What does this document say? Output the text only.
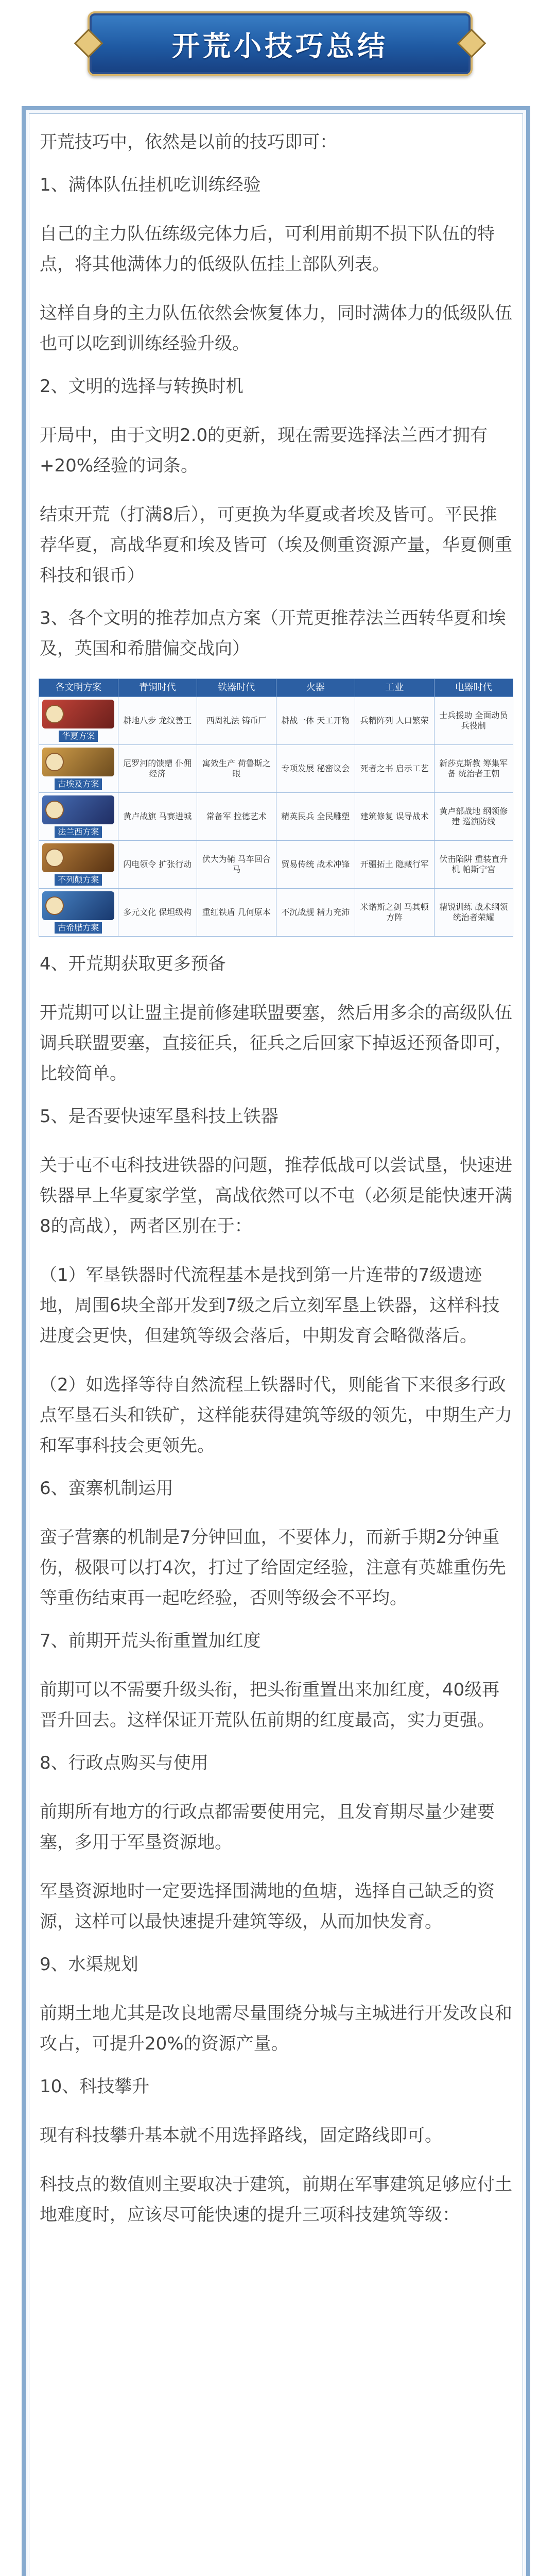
开荒小技巧总结

开荒技巧中，依然是以前的技巧即可：

1、满体队伍挂机吃训练经验

自己的主力队伍练级完体力后，可利用前期不损下队伍的特点，将其他满体力的低级队伍挂上部队列表。

这样自身的主力队伍依然会恢复体力，同时满体力的低级队伍也可以吃到训练经验升级。

2、文明的选择与转换时机

开局中，由于文明2.0的更新，现在需要选择法兰西才拥有+20%经验的词条。

结束开荒（打满8后），可更换为华夏或者埃及皆可。平民推荐华夏，高战华夏和埃及皆可（埃及侧重资源产量，华夏侧重科技和银币）

3、各个文明的推荐加点方案（开荒更推荐法兰西转华夏和埃及，英国和希腊偏交战向）

各文明方案	青铜时代	铁器时代	火器	工业	电器时代

华夏方案	耕地八步 龙纹善王	西周礼法 铸币厂	耕战一体 天工开物	兵精阵列 人口繁荣	士兵援助 全面动员 兵役制

古埃及方案	尼罗河的馈赠 仆佣经济	寓效生产 荷鲁斯之眼	专项发展 秘密议会	死者之书 启示工艺	新莎克斯教 筹集军备 统治者王朝

法兰西方案	黄卢战旗 马赛进城	常备军 拉德艺术	精英民兵 全民雕塑	建筑修复 误导战术	黄卢部战地 纲领修建 巡演防线

不列颠方案	闪电领令 扩张行动	伏大为鞘 马车回合马	贸易传统 战术冲锋	开疆拓土 隐藏行军	伏击陷阱 重装直升机 帕斯宁宫

古希腊方案	多元文化 保坦级构	重红铁盾 几何原本	不沉战舰 精力充沛	米诺斯之剑 马其顿方阵	精锐训练 战术纲领 统治者荣耀

4、开荒期获取更多预备

开荒期可以让盟主提前修建联盟要塞，然后用多余的高级队伍调兵联盟要塞，直接征兵，征兵之后回家下掉返还预备即可，比较简单。

5、是否要快速军垦科技上铁器

关于屯不屯科技进铁器的问题，推荐低战可以尝试垦，快速进铁器早上华夏家学堂，高战依然可以不屯（必须是能快速开满8的高战），两者区别在于：

（1）军垦铁器时代流程基本是找到第一片连带的7级遗迹地，周围6块全部开发到7级之后立刻军垦上铁器，这样科技进度会更快，但建筑等级会落后，中期发育会略微落后。

（2）如选择等待自然流程上铁器时代，则能省下来很多行政点军垦石头和铁矿，这样能获得建筑等级的领先，中期生产力和军事科技会更领先。

6、蛮寨机制运用

蛮子营寨的机制是7分钟回血，不要体力，而新手期2分钟重伤，极限可以打4次，打过了给固定经验，注意有英雄重伤先等重伤结束再一起吃经验，否则等级会不平均。

7、前期开荒头衔重置加红度

前期可以不需要升级头衔，把头衔重置出来加红度，40级再晋升回去。这样保证开荒队伍前期的红度最高，实力更强。

8、行政点购买与使用

前期所有地方的行政点都需要使用完，且发育期尽量少建要塞，多用于军垦资源地。

军垦资源地时一定要选择围满地的鱼塘，选择自己缺乏的资源，这样可以最快速提升建筑等级，从而加快发育。

9、水渠规划

前期土地尤其是改良地需尽量围绕分城与主城进行开发改良和攻占，可提升20%的资源产量。

10、科技攀升

现有科技攀升基本就不用选择路线，固定路线即可。

科技点的数值则主要取决于建筑，前期在军事建筑足够应付土地难度时，应该尽可能快速的提升三项科技建筑等级：
